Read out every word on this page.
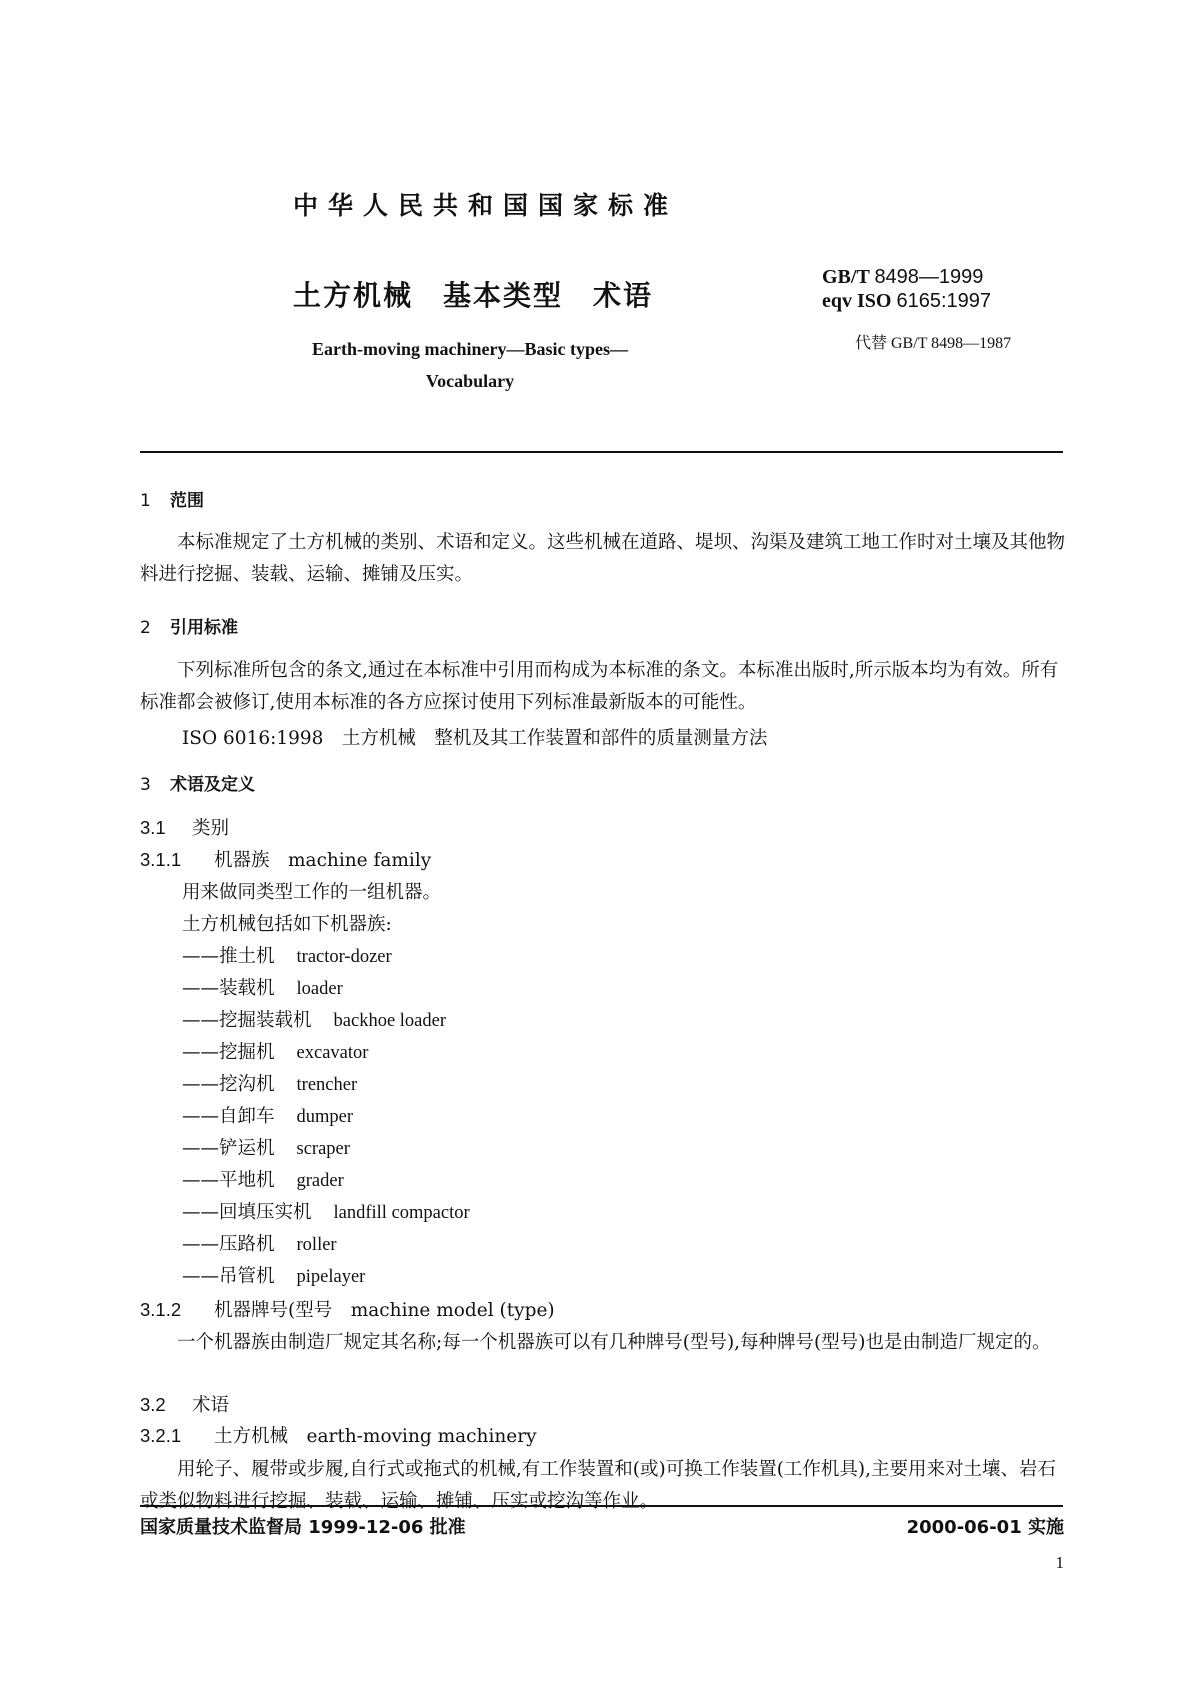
中华人民共和国国家标准
土方机械 基本类型 术语
Earth-moving machinery—Basic types—Vocabulary
GB/T 8498—1999
eqv ISO 6165:1997
代替 GB/T 8498—1987
1 范围
本标准规定了土方机械的类别、术语和定义。这些机械在道路、堤坝、沟渠及建筑工地工作时对土壤及其他物料进行挖掘、装载、运输、摊铺及压实。
2 引用标准
下列标准所包含的条文,通过在本标准中引用而构成为本标准的条文。本标准出版时,所示版本均为有效。所有标准都会被修订,使用本标准的各方应探讨使用下列标准最新版本的可能性。
ISO 6016:1998　土方机械　整机及其工作装置和部件的质量测量方法
3 术语及定义
3.1 类别
3.1.1 机器族　machine family
用来做同类型工作的一组机器。
土方机械包括如下机器族:
——推土机 tractor-dozer
——装载机 loader
——挖掘装载机 backhoe loader
——挖掘机 excavator
——挖沟机 trencher
——自卸车 dumper
——铲运机 scraper
——平地机 grader
——回填压实机 landfill compactor
——压路机 roller
——吊管机 pipelayer
3.1.2 机器牌号(型号　machine model (type)
一个机器族由制造厂规定其名称;每一个机器族可以有几种牌号(型号),每种牌号(型号)也是由制造厂规定的。
3.2 术语
3.2.1 土方机械　earth-moving machinery
用轮子、履带或步履,自行式或拖式的机械,有工作装置和(或)可换工作装置(工作机具),主要用来对土壤、岩石或类似物料进行挖掘、装载、运输、摊铺、压实或挖沟等作业。
国家质量技术监督局 1999-12-06 批准	2000-06-01 实施
1
